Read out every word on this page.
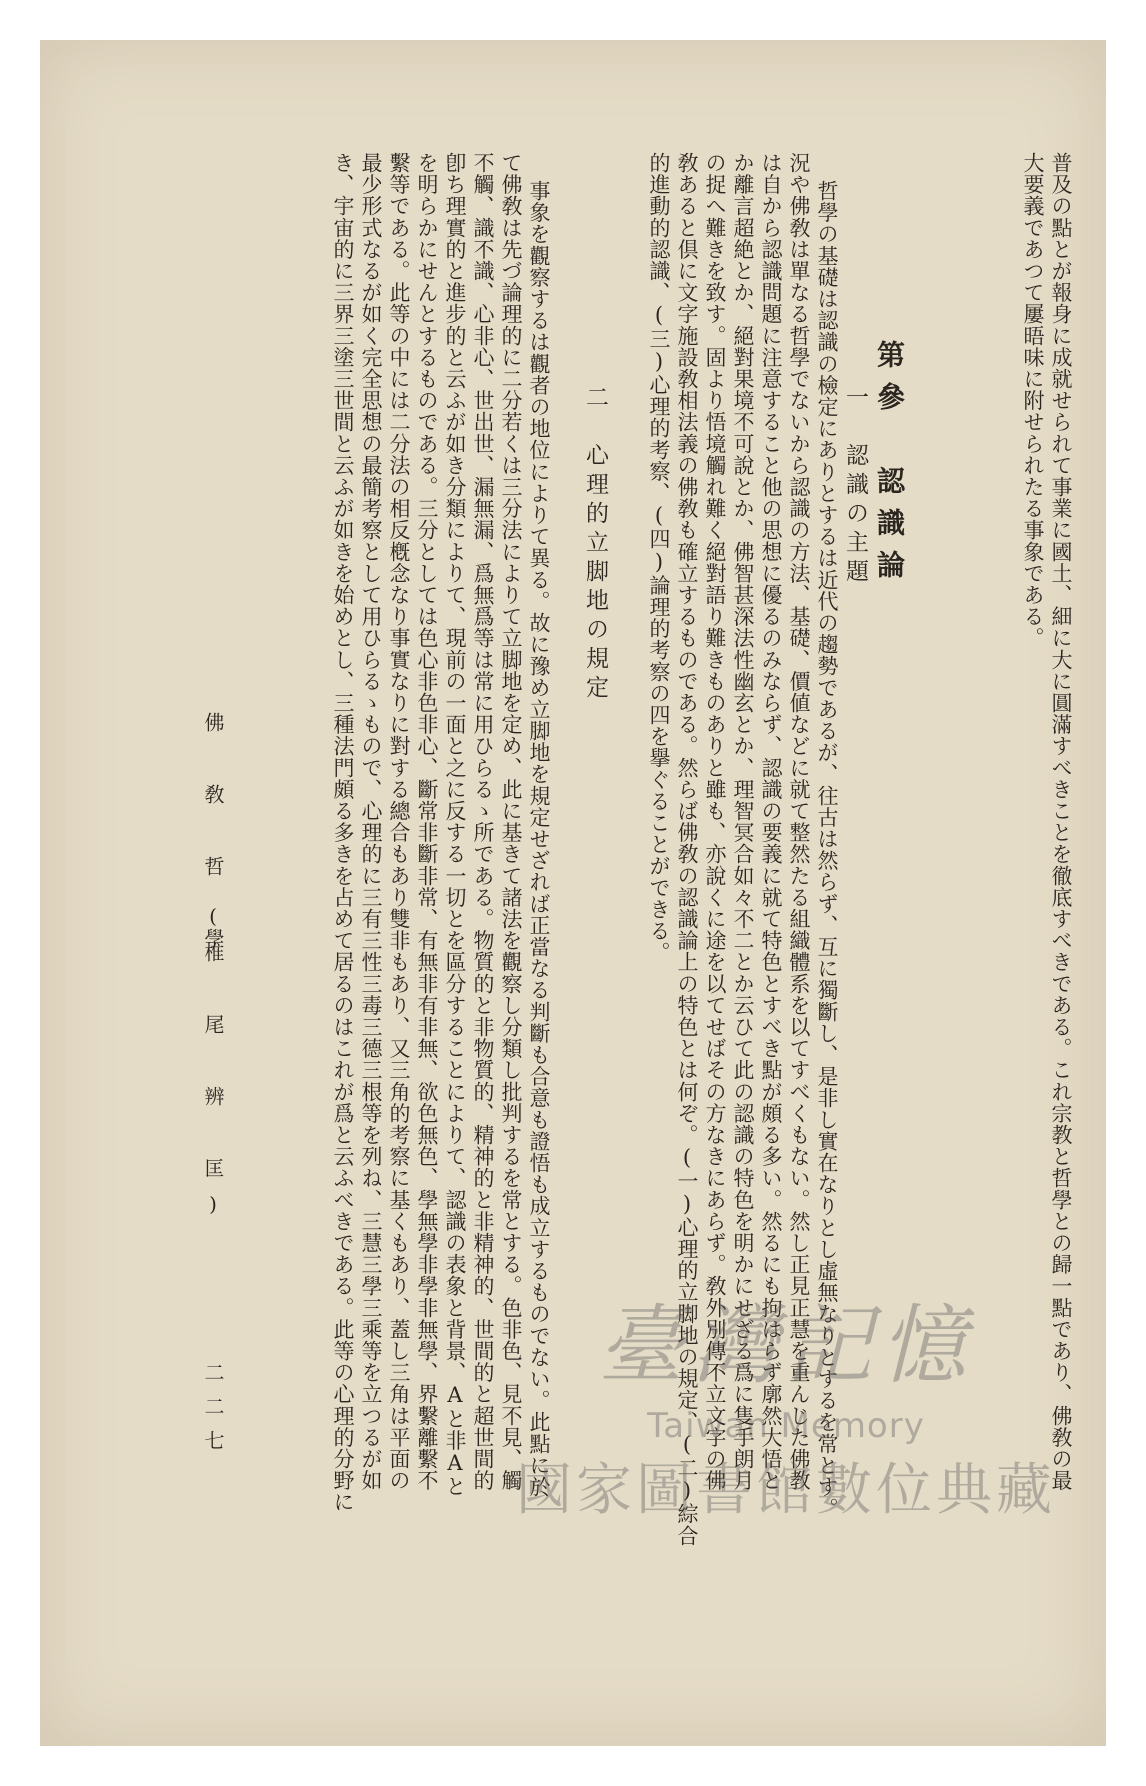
普及の點とが報身に成就せられて事業に國土、細に大に圓滿すべきことを徹底すべきである。これ宗教と哲學との歸一點であり、佛敎の最
大要義であつて屢晤味に附せられたる事象である。
第參　認識論
一　認識の主題
哲學の基礎は認識の檢定にありとするは近代の趨勢であるが、往古は然らず、互に獨斷し、是非し實在なりとし虛無なりとするを常とす。
況や佛敎は單なる哲學でないから認識の方法、基礎、價値などに就て整然たる組織體系を以てすべくもない。然し正見正慧を重んじた佛教
は自から認識問題に注意すること他の思想に優るのみならず、認識の要義に就て特色とすべき點が頗る多い。然るにも拘はらず廓然大悟と
か離言超絶とか、絕對果境不可說とか、佛智甚深法性幽玄とか、理智冥合如々不二とか云ひて此の認識の特色を明かにせざる爲に隻手朗月
の捉へ難きを致す。固より悟境觸れ難く絕對語り難きものありと雖も、亦說くに途を以てせばその方なきにあらず。敎外別傳不立文字の佛
敎あると倶に文字施設敎相法義の佛敎も確立するものである。然らば佛敎の認識論上の特色とは何ぞ。(一)心理的立脚地の規定、(二)綜合
的進動的認識、(三)心理的考察、(四)論理的考察の四を擧ぐることができる。
二　心理的立脚地の規定
事象を觀察するは觀者の地位によりて異る。故に豫め立脚地を規定せざれば正當なる判斷も合意も證悟も成立するものでない。此點に於
て佛敎は先づ論理的に二分若くは三分法によりて立脚地を定め、此に基きて諸法を觀察し分類し批判するを常とする。色非色、見不見、觸
不觸、識不識、心非心、世出世、漏無漏、爲無爲等は常に用ひらるゝ所である。物質的と非物質的、精神的と非精神的、世間的と超世間的
卽ち理實的と進步的と云ふが如き分類によりて、現前の一面と之に反する一切とを區分することによりて、認識の表象と背景、Aと非Aと
を明らかにせんとするものである。三分としては色心非色非心、斷常非斷非常、有無非有非無、欲色無色、學無學非學非無學、界繫離繫不
繫等である。此等の中には二分法の相反槪念なり事實なりに對する總合もあり雙非もあり、又三角的考察に基くもあり、蓋し三角は平面の
最少形式なるが如く完全思想の最簡考察として用ひらるゝもので、心理的に三有三性三毒三德三根等を列ね、三慧三學三乘等を立つるが如
き、宇宙的に三界三塗三世間と云ふが如きを始めとし、三種法門頗る多きを占めて居るのはこれが爲と云ふべきである。此等の心理的分野に
佛 敎 哲 學
(椎 尾 辨 匡)
二二七
臺灣記憶
Taiwan Memory
國家圖書館數位典藏
